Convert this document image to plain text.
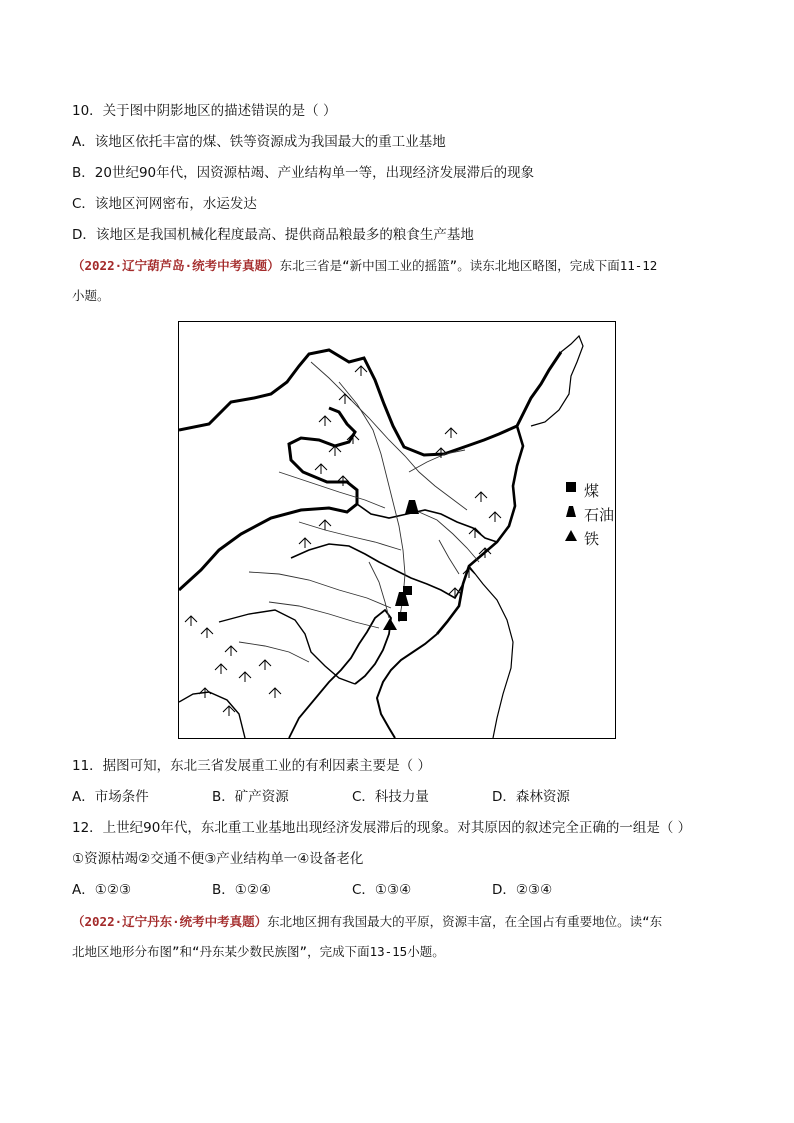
10．关于图中阴影地区的描述错误的是（ ）
A．该地区依托丰富的煤、铁等资源成为我国最大的重工业基地
B．20世纪90年代，因资源枯竭、产业结构单一等，出现经济发展滞后的现象
C．该地区河网密布，水运发达
D．该地区是我国机械化程度最高、提供商品粮最多的粮食生产基地
（2022·辽宁葫芦岛·统考中考真题）东北三省是“新中国工业的摇篮”。读东北地区略图，完成下面11-12
小题。
煤
石油
铁
11．据图可知，东北三省发展重工业的有利因素主要是（ ）
A．市场条件	B．矿产资源	C．科技力量	D．森林资源
12．上世纪90年代，东北重工业基地出现经济发展滞后的现象。对其原因的叙述完全正确的一组是（ ）
①资源枯竭②交通不便③产业结构单一④设备老化
A．①②③	B．①②④	C．①③④	D．②③④
（2022·辽宁丹东·统考中考真题）东北地区拥有我国最大的平原，资源丰富，在全国占有重要地位。读“东
北地区地形分布图”和“丹东某少数民族图”，完成下面13-15小题。
